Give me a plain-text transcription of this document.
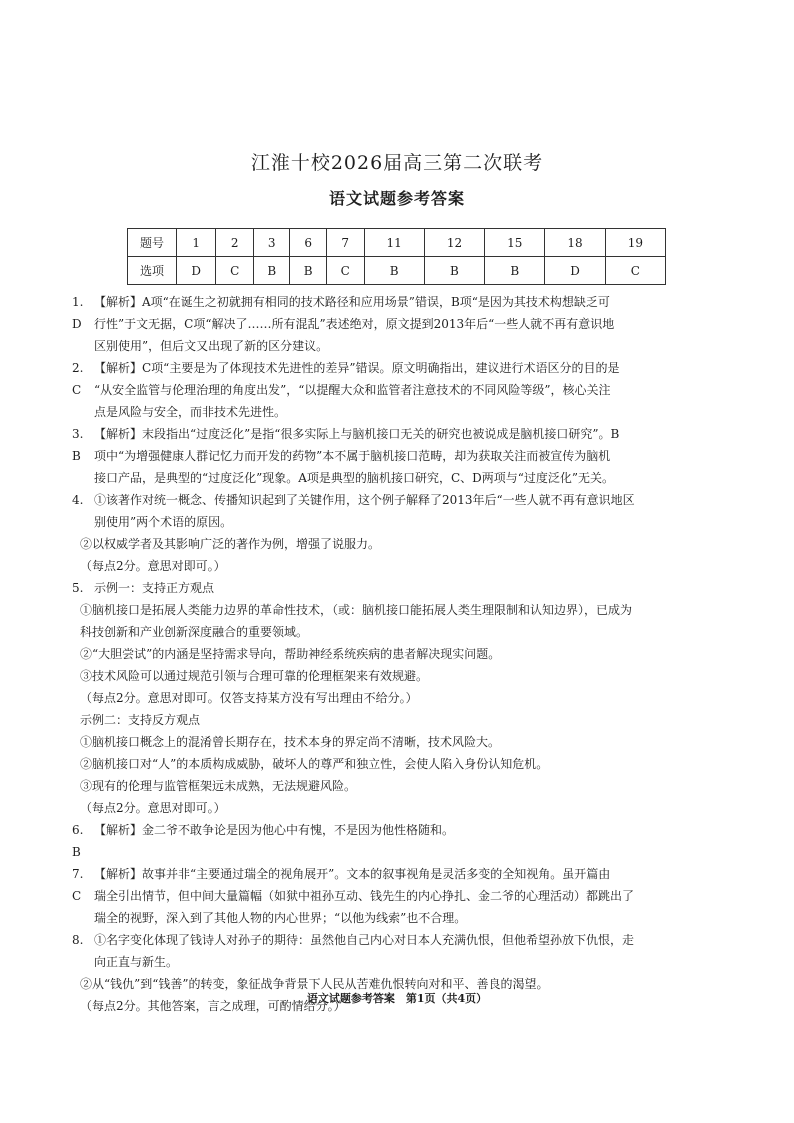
江淮十校2026届高三第二次联考
语文试题参考答案
题号	1	2	3	6	7	11	12	15	18	19
选项	D	C	B	B	C	B	B	B	D	C
1. D
【解析】A项“在诞生之初就拥有相同的技术路径和应用场景”错误，B项“是因为其技术构想缺乏可
行性”于文无据，C项“解决了……所有混乱”表述绝对，原文提到2013年后“一些人就不再有意识地
区别使用”，但后文又出现了新的区分建议。
2. C
【解析】C项“主要是为了体现技术先进性的差异”错误。原文明确指出，建议进行术语区分的目的是
“从安全监管与伦理治理的角度出发”，“以提醒大众和监管者注意技术的不同风险等级”，核心关注
点是风险与安全，而非技术先进性。
3. B
【解析】末段指出“过度泛化”是指“很多实际上与脑机接口无关的研究也被说成是脑机接口研究”。B
项中“为增强健康人群记忆力而开发的药物”本不属于脑机接口范畴，却为获取关注而被宣传为脑机
接口产品，是典型的“过度泛化”现象。A项是典型的脑机接口研究，C、D两项与“过度泛化”无关。
4. ①该著作对统一概念、传播知识起到了关键作用，这个例子解释了2013年后“一些人就不再有意识地区
别使用”两个术语的原因。
②以权威学者及其影响广泛的著作为例，增强了说服力。
（每点2分。意思对即可。）
5. 示例一：支持正方观点
①脑机接口是拓展人类能力边界的革命性技术，（或：脑机接口能拓展人类生理限制和认知边界），已成为
科技创新和产业创新深度融合的重要领域。
②“大胆尝试”的内涵是坚持需求导向，帮助神经系统疾病的患者解决现实问题。
③技术风险可以通过规范引领与合理可靠的伦理框架来有效规避。
（每点2分。意思对即可。仅答支持某方没有写出理由不给分。）
示例二：支持反方观点
①脑机接口概念上的混淆曾长期存在，技术本身的界定尚不清晰，技术风险大。
②脑机接口对“人”的本质构成威胁，破坏人的尊严和独立性，会使人陷入身份认知危机。
③现有的伦理与监管框架远未成熟，无法规避风险。
（每点2分。意思对即可。）
6. B
【解析】金二爷不敢争论是因为他心中有愧，不是因为他性格随和。
7. C
【解析】故事并非“主要通过瑞全的视角展开”。文本的叙事视角是灵活多变的全知视角。虽开篇由
瑞全引出情节，但中间大量篇幅（如狱中祖孙互动、钱先生的内心挣扎、金二爷的心理活动）都跳出了
瑞全的视野，深入到了其他人物的内心世界；“以他为线索”也不合理。
8. ①名字变化体现了钱诗人对孙子的期待：虽然他自己内心对日本人充满仇恨，但他希望孙放下仇恨，走
向正直与新生。
②从“钱仇”到“钱善”的转变，象征战争背景下人民从苦难仇恨转向对和平、善良的渴望。
（每点2分。其他答案，言之成理，可酌情给分。）
语文试题参考答案　第1页（共4页）
